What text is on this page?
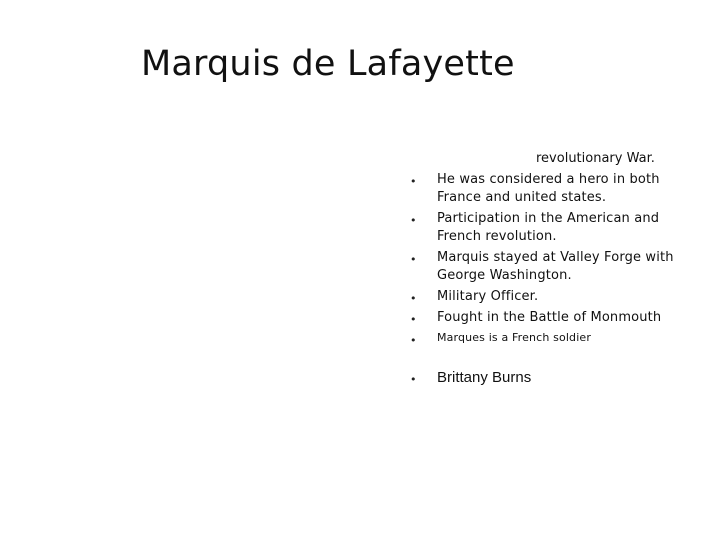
Marquis de Lafayette
revolutionary War.
• He was considered a hero in both France and united states.
• Participation in the American and French revolution.
• Marquis stayed at Valley Forge with George Washington.
• Military Officer.
• Fought in the Battle of Monmouth
• Marques is a French soldier
• Brittany Burns
